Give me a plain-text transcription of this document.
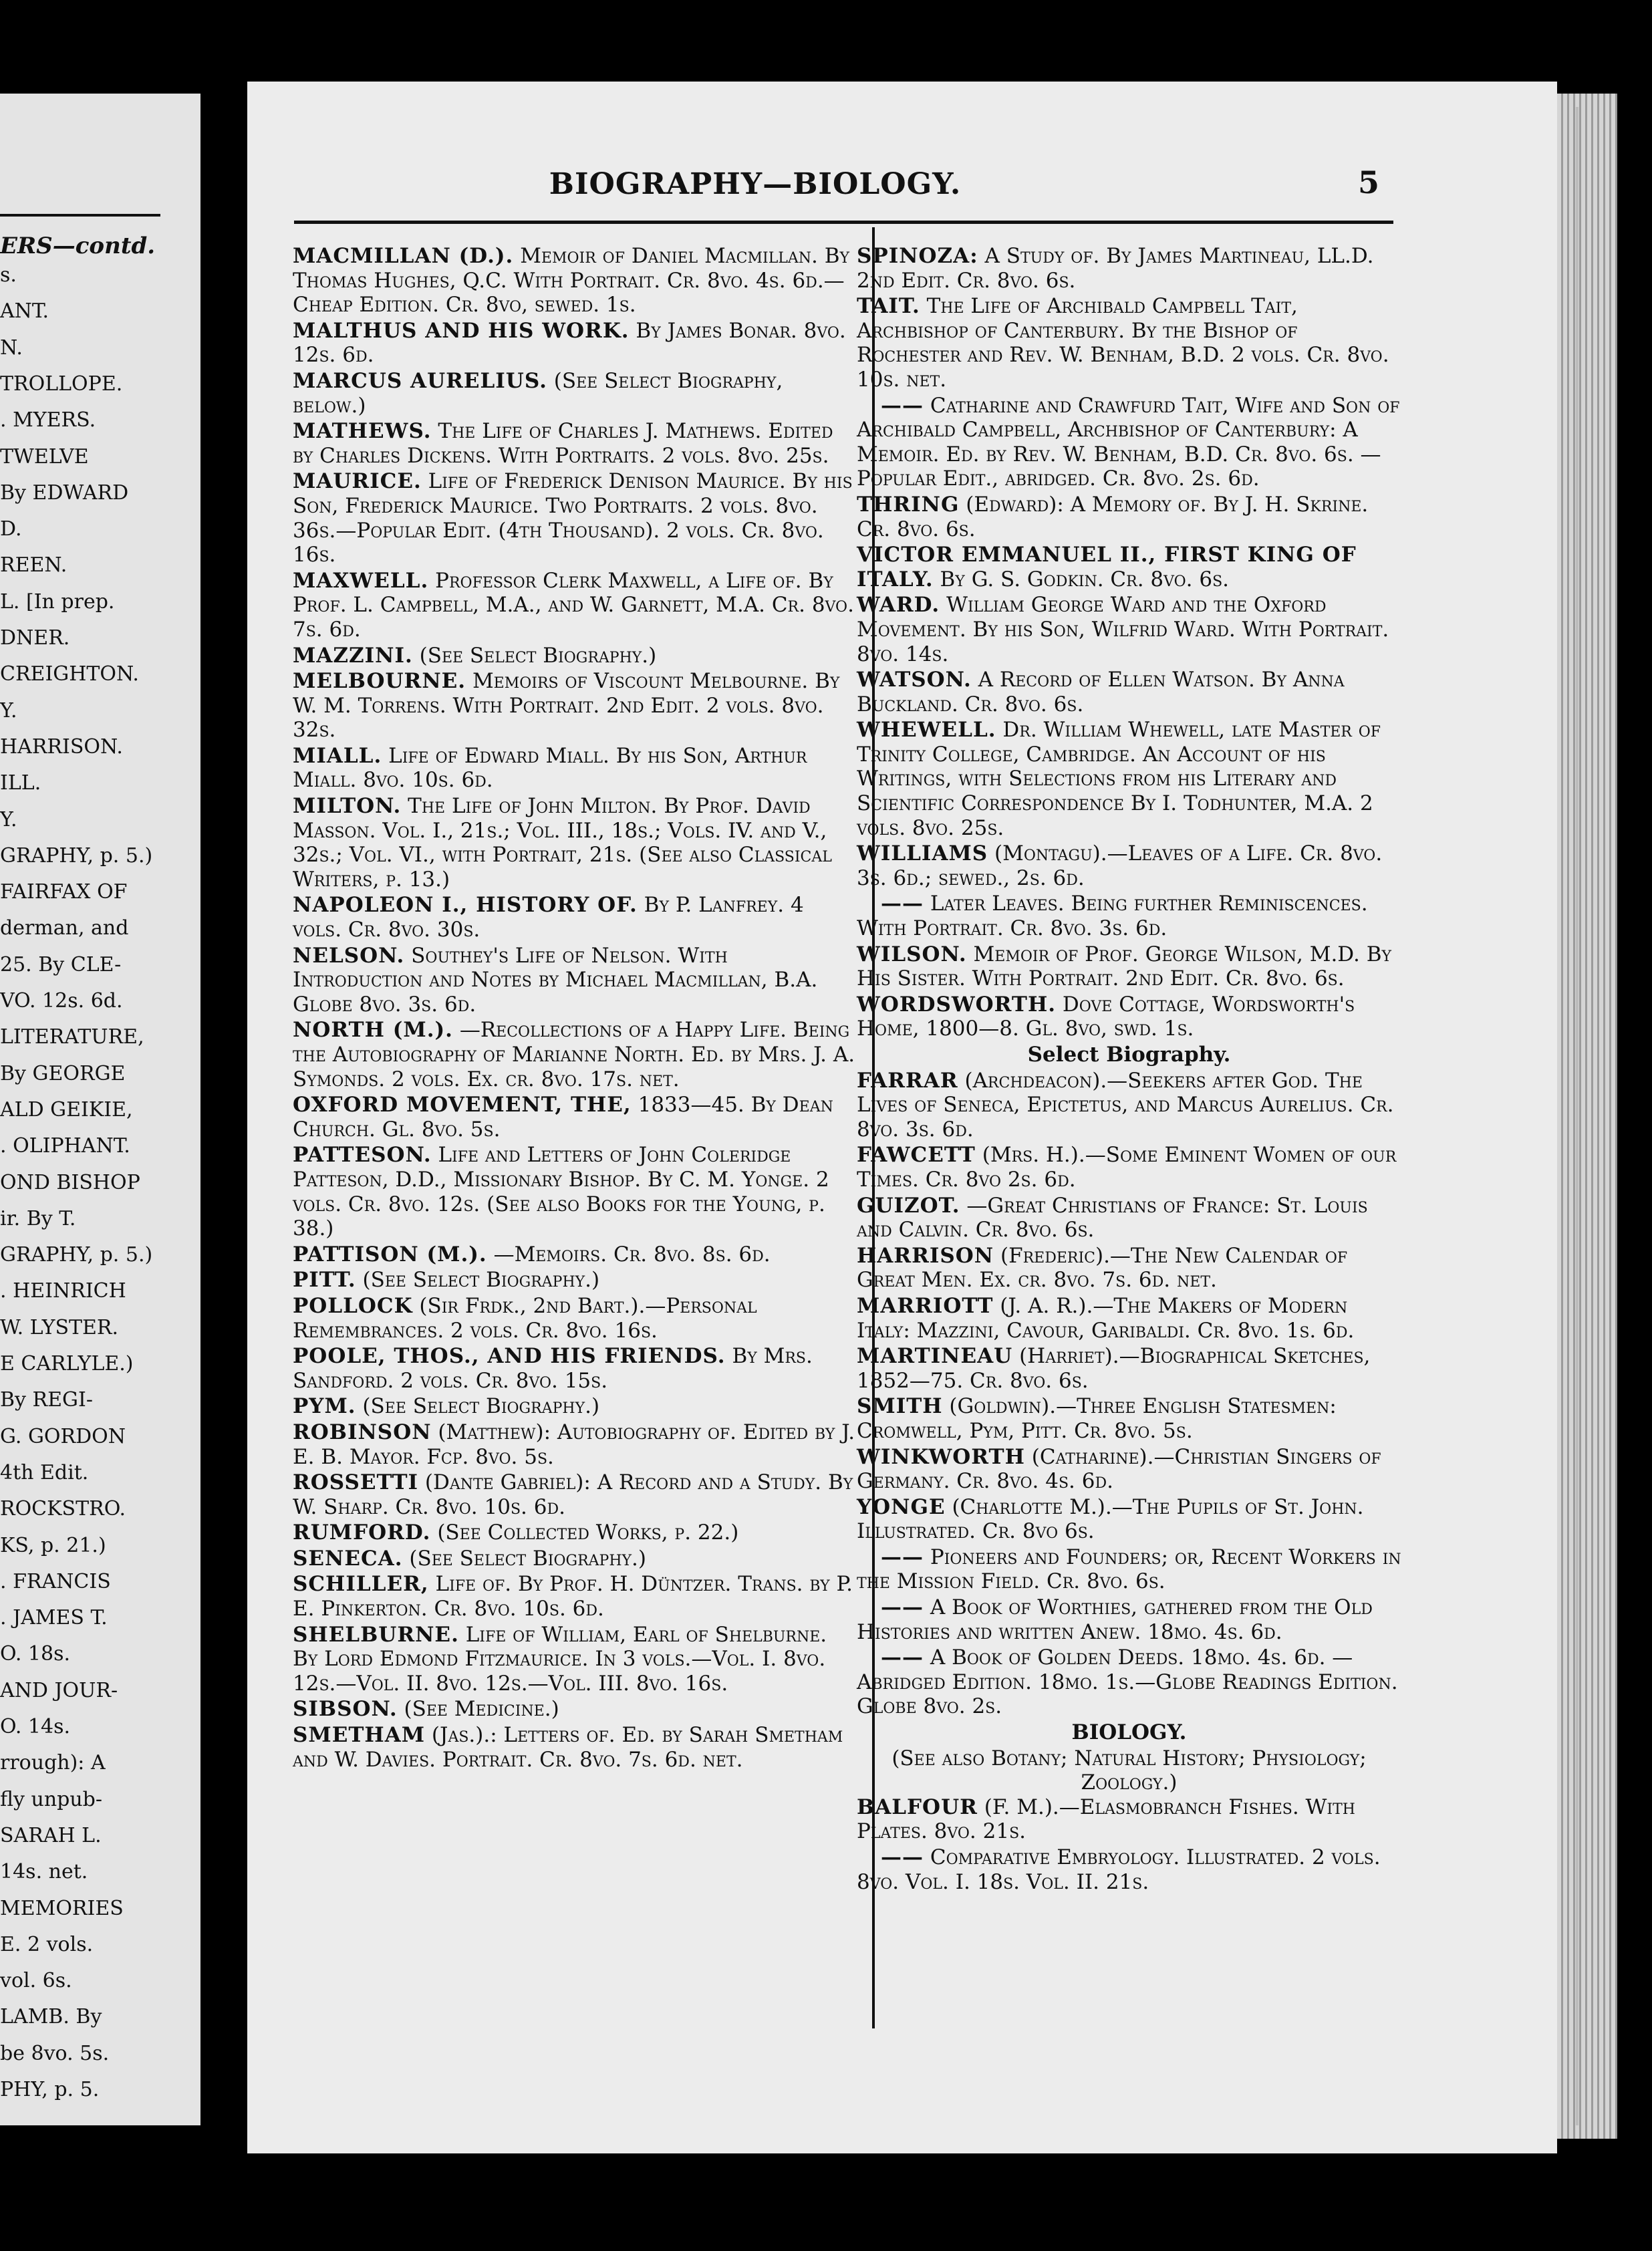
ERS—contd.
s.
ANT.
N.
TROLLOPE.
. MYERS.
TWELVE
By EDWARD
D.
REEN.
L. [In prep.
DNER.
CREIGHTON.
Y.
HARRISON.
ILL.
Y.
GRAPHY, p. 5.)
FAIRFAX OF
derman, and
25. By CLE-
VO. 12s. 6d.
LITERATURE,
By GEORGE
ALD GEIKIE,
. OLIPHANT.
OND BISHOP
ir. By T.
GRAPHY, p. 5.)
. HEINRICH
W. LYSTER.
E CARLYLE.)
By REGI-
G. GORDON
4th Edit.
ROCKSTRO.
KS, p. 21.)
. FRANCIS
. JAMES T.
O. 18s.
AND JOUR-
O. 14s.
rrough): A
fly unpub-
SARAH L.
14s. net.
MEMORIES
E. 2 vols.
vol. 6s.
LAMB. By
be 8vo. 5s.
PHY, p. 5.
BIOGRAPHY—BIOLOGY.	5
MACMILLAN (D.). Memoir of Daniel Macmillan. By Thomas Hughes, Q.C. With Portrait. Cr. 8vo. 4s. 6d.—Cheap Edition. Cr. 8vo, sewed. 1s.
MALTHUS AND HIS WORK. By James Bonar. 8vo. 12s. 6d.
MARCUS AURELIUS. (See Select Biography, below.)
MATHEWS. The Life of Charles J. Mathews. Edited by Charles Dickens. With Portraits. 2 vols. 8vo. 25s.
MAURICE. Life of Frederick Denison Maurice. By his Son, Frederick Maurice. Two Portraits. 2 vols. 8vo. 36s.—Popular Edit. (4th Thousand). 2 vols. Cr. 8vo. 16s.
MAXWELL. Professor Clerk Maxwell, a Life of. By Prof. L. Campbell, M.A., and W. Garnett, M.A. Cr. 8vo. 7s. 6d.
MAZZINI. (See Select Biography.)
MELBOURNE. Memoirs of Viscount Melbourne. By W. M. Torrens. With Portrait. 2nd Edit. 2 vols. 8vo. 32s.
MIALL. Life of Edward Miall. By his Son, Arthur Miall. 8vo. 10s. 6d.
MILTON. The Life of John Milton. By Prof. David Masson. Vol. I., 21s.; Vol. III., 18s.; Vols. IV. and V., 32s.; Vol. VI., with Portrait, 21s. (See also Classical Writers, p. 13.)
NAPOLEON I., HISTORY OF. By P. Lanfrey. 4 vols. Cr. 8vo. 30s.
NELSON. Southey's Life of Nelson. With Introduction and Notes by Michael Macmillan, B.A. Globe 8vo. 3s. 6d.
NORTH (M.). —Recollections of a Happy Life. Being the Autobiography of Marianne North. Ed. by Mrs. J. A. Symonds. 2 vols. Ex. cr. 8vo. 17s. net.
OXFORD MOVEMENT, THE, 1833—45. By Dean Church. Gl. 8vo. 5s.
PATTESON. Life and Letters of John Coleridge Patteson, D.D., Missionary Bishop. By C. M. Yonge. 2 vols. Cr. 8vo. 12s. (See also Books for the Young, p. 38.)
PATTISON (M.). —Memoirs. Cr. 8vo. 8s. 6d.
PITT. (See Select Biography.)
POLLOCK (Sir Frdk., 2nd Bart.).—Personal Remembrances. 2 vols. Cr. 8vo. 16s.
POOLE, THOS., AND HIS FRIENDS. By Mrs. Sandford. 2 vols. Cr. 8vo. 15s.
PYM. (See Select Biography.)
ROBINSON (Matthew): Autobiography of. Edited by J. E. B. Mayor. Fcp. 8vo. 5s.
ROSSETTI (Dante Gabriel): A Record and a Study. By W. Sharp. Cr. 8vo. 10s. 6d.
RUMFORD. (See Collected Works, p. 22.)
SENECA. (See Select Biography.)
SCHILLER, Life of. By Prof. H. Düntzer. Trans. by P. E. Pinkerton. Cr. 8vo. 10s. 6d.
SHELBURNE. Life of William, Earl of Shelburne. By Lord Edmond Fitzmaurice. In 3 vols.—Vol. I. 8vo. 12s.—Vol. II. 8vo. 12s.—Vol. III. 8vo. 16s.
SIBSON. (See Medicine.)
SMETHAM (Jas.).: Letters of. Ed. by Sarah Smetham and W. Davies. Portrait. Cr. 8vo. 7s. 6d. net.
SPINOZA: A Study of. By James Martineau, LL.D. 2nd Edit. Cr. 8vo. 6s.
TAIT. The Life of Archibald Campbell Tait, Archbishop of Canterbury. By the Bishop of Rochester and Rev. W. Benham, B.D. 2 vols. Cr. 8vo. 10s. net.
—— Catharine and Crawfurd Tait, Wife and Son of Archibald Campbell, Archbishop of Canterbury: A Memoir. Ed. by Rev. W. Benham, B.D. Cr. 8vo. 6s. —Popular Edit., abridged. Cr. 8vo. 2s. 6d.
THRING (Edward): A Memory of. By J. H. Skrine. Cr. 8vo. 6s.
VICTOR EMMANUEL II., FIRST KING OF ITALY. By G. S. Godkin. Cr. 8vo. 6s.
WARD. William George Ward and the Oxford Movement. By his Son, Wilfrid Ward. With Portrait. 8vo. 14s.
WATSON. A Record of Ellen Watson. By Anna Buckland. Cr. 8vo. 6s.
WHEWELL. Dr. William Whewell, late Master of Trinity College, Cambridge. An Account of his Writings, with Selections from his Literary and Scientific Correspondence By I. Todhunter, M.A. 2 vols. 8vo. 25s.
WILLIAMS (Montagu).—Leaves of a Life. Cr. 8vo. 3s. 6d.; sewed., 2s. 6d.
—— Later Leaves. Being further Reminiscences. With Portrait. Cr. 8vo. 3s. 6d.
WILSON. Memoir of Prof. George Wilson, M.D. By His Sister. With Portrait. 2nd Edit. Cr. 8vo. 6s.
WORDSWORTH. Dove Cottage, Wordsworth's Home, 1800—8. Gl. 8vo, swd. 1s.
Select Biography.
FARRAR (Archdeacon).—Seekers after God. The Lives of Seneca, Epictetus, and Marcus Aurelius. Cr. 8vo. 3s. 6d.
FAWCETT (Mrs. H.).—Some Eminent Women of our Times. Cr. 8vo 2s. 6d.
GUIZOT. —Great Christians of France: St. Louis and Calvin. Cr. 8vo. 6s.
HARRISON (Frederic).—The New Calendar of Great Men. Ex. cr. 8vo. 7s. 6d. net.
MARRIOTT (J. A. R.).—The Makers of Modern Italy: Mazzini, Cavour, Garibaldi. Cr. 8vo. 1s. 6d.
MARTINEAU (Harriet).—Biographical Sketches, 1852—75. Cr. 8vo. 6s.
SMITH (Goldwin).—Three English Statesmen: Cromwell, Pym, Pitt. Cr. 8vo. 5s.
WINKWORTH (Catharine).—Christian Singers of Germany. Cr. 8vo. 4s. 6d.
YONGE (Charlotte M.).—The Pupils of St. John. Illustrated. Cr. 8vo 6s.
—— Pioneers and Founders; or, Recent Workers in the Mission Field. Cr. 8vo. 6s.
—— A Book of Worthies, gathered from the Old Histories and written Anew. 18mo. 4s. 6d.
—— A Book of Golden Deeds. 18mo. 4s. 6d. —Abridged Edition. 18mo. 1s.—Globe Readings Edition. Globe 8vo. 2s.
BIOLOGY.
(See also Botany; Natural History; Physiology; Zoology.)
BALFOUR (F. M.).—Elasmobranch Fishes. With Plates. 8vo. 21s.
—— Comparative Embryology. Illustrated. 2 vols. 8vo. Vol. I. 18s. Vol. II. 21s.
